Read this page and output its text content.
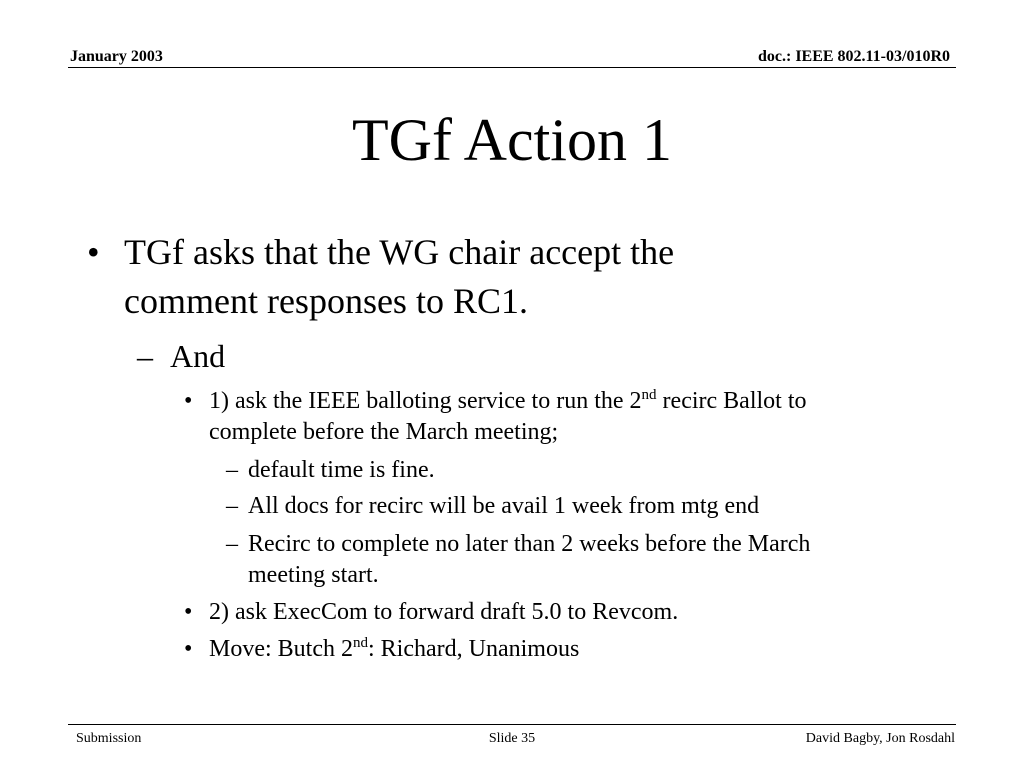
January 2003	doc.: IEEE 802.11-03/010R0
TGf Action 1
• TGf asks that the WG chair accept the
comment responses to RC1.
– And
• 1) ask the IEEE balloting service to run the 2nd recirc Ballot to
complete before the March meeting;
– default time is fine.
– All docs for recirc will be avail 1 week from mtg end
– Recirc to complete no later than 2 weeks before the March
meeting start.
• 2) ask ExecCom to forward draft 5.0 to Revcom.
• Move: Butch 2nd: Richard, Unanimous
Submission	Slide 35	David Bagby, Jon Rosdahl
